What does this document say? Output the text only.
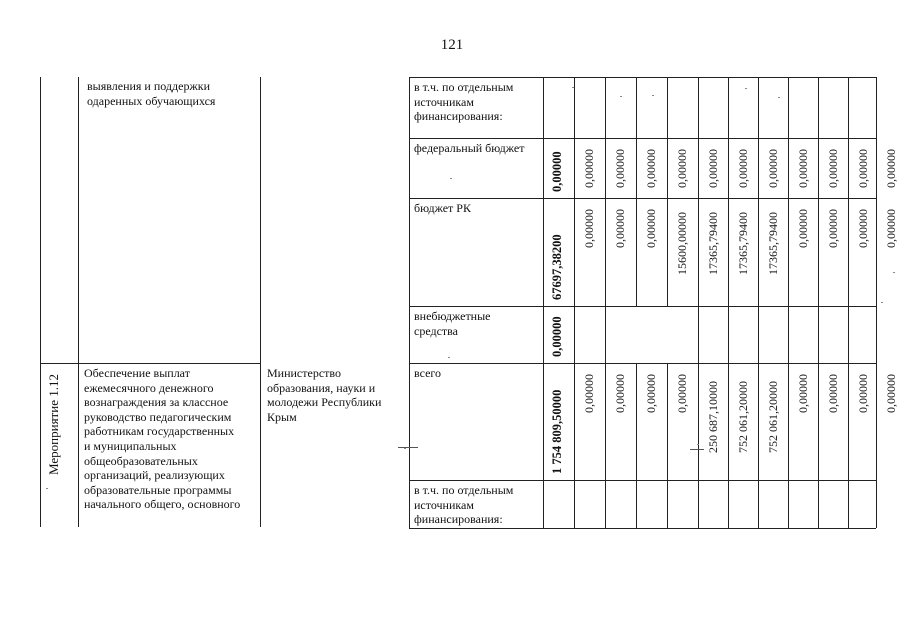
121
выявления и поддержки
одаренных обучающихся
Обеспечение выплат
ежемесячного денежного
вознаграждения за классное
руководство педагогическим
работникам государственных
и муниципальных
общеобразовательных
организаций, реализующих
образовательные программы
начального общего, основного
Министерство
образования, науки и
молодежи Республики
Крым
Мероприятие 1.12
в т.ч. по отдельным
источникам
финансирования:
федеральный бюджет
0,00000 0,00000 0,00000 0,00000 0,00000 0,00000 0,00000 0,00000 0,00000 0,00000 0,00000 0,00000
бюджет РК
67697,38200
0,00000 0,00000 0,00000 15600,00000 17365,79400 17365,79400 17365,79400 0,00000 0,00000 0,00000 0,00000
внебюджетные
средства	0,00000
всего
1 754 809,50000 0,00000 0,00000 0,00000 0,00000 250 687,10000 752 061,20000 752 061,20000 0,00000 0,00000 0,00000 0,00000
в т.ч. по отдельным
источникам
финансирования:
